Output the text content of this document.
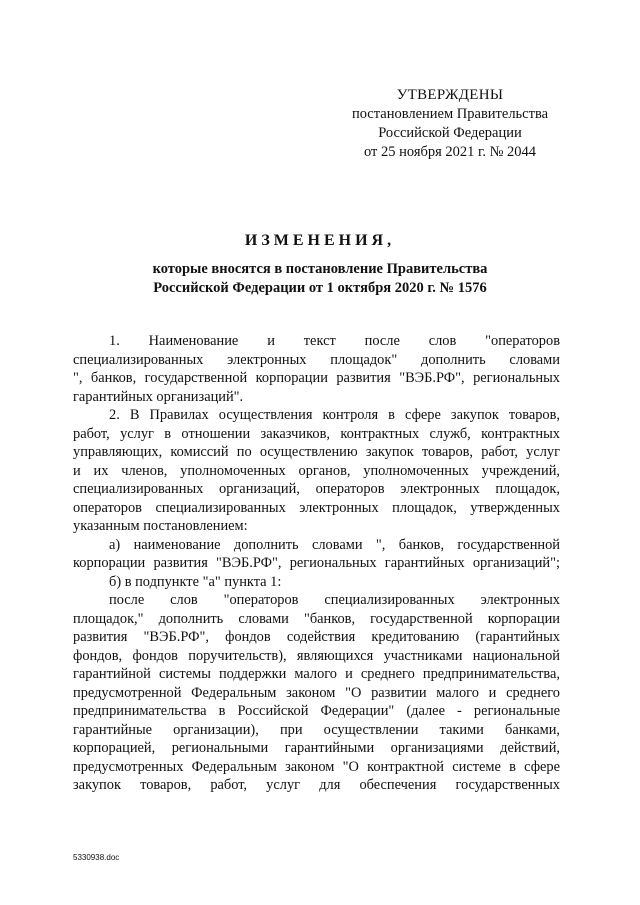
УТВЕРЖДЕНЫ
постановлением Правительства
Российской Федерации
от 25 ноября 2021 г. № 2044
ИЗМЕНЕНИЯ,
которые вносятся в постановление Правительства
Российской Федерации от 1 октября 2020 г. № 1576
1. Наименование и текст после слов "операторов
специализированных электронных площадок" дополнить словами
", банков, государственной корпорации развития "ВЭБ.РФ", региональных
гарантийных организаций".
2. В Правилах осуществления контроля в сфере закупок товаров,
работ, услуг в отношении заказчиков, контрактных служб, контрактных
управляющих, комиссий по осуществлению закупок товаров, работ, услуг
и их членов, уполномоченных органов, уполномоченных учреждений,
специализированных организаций, операторов электронных площадок,
операторов специализированных электронных площадок, утвержденных
указанным постановлением:
а) наименование дополнить словами ", банков, государственной
корпорации развития "ВЭБ.РФ", региональных гарантийных организаций";
б) в подпункте "а" пункта 1:
после слов "операторов специализированных электронных
площадок," дополнить словами "банков, государственной корпорации
развития "ВЭБ.РФ", фондов содействия кредитованию (гарантийных
фондов, фондов поручительств), являющихся участниками национальной
гарантийной системы поддержки малого и среднего предпринимательства,
предусмотренной Федеральным законом "О развитии малого и среднего
предпринимательства в Российской Федерации" (далее - региональные
гарантийные организации), при осуществлении такими банками,
корпорацией, региональными гарантийными организациями действий,
предусмотренных Федеральным законом "О контрактной системе в сфере
закупок товаров, работ, услуг для обеспечения государственных
5330938.doc
